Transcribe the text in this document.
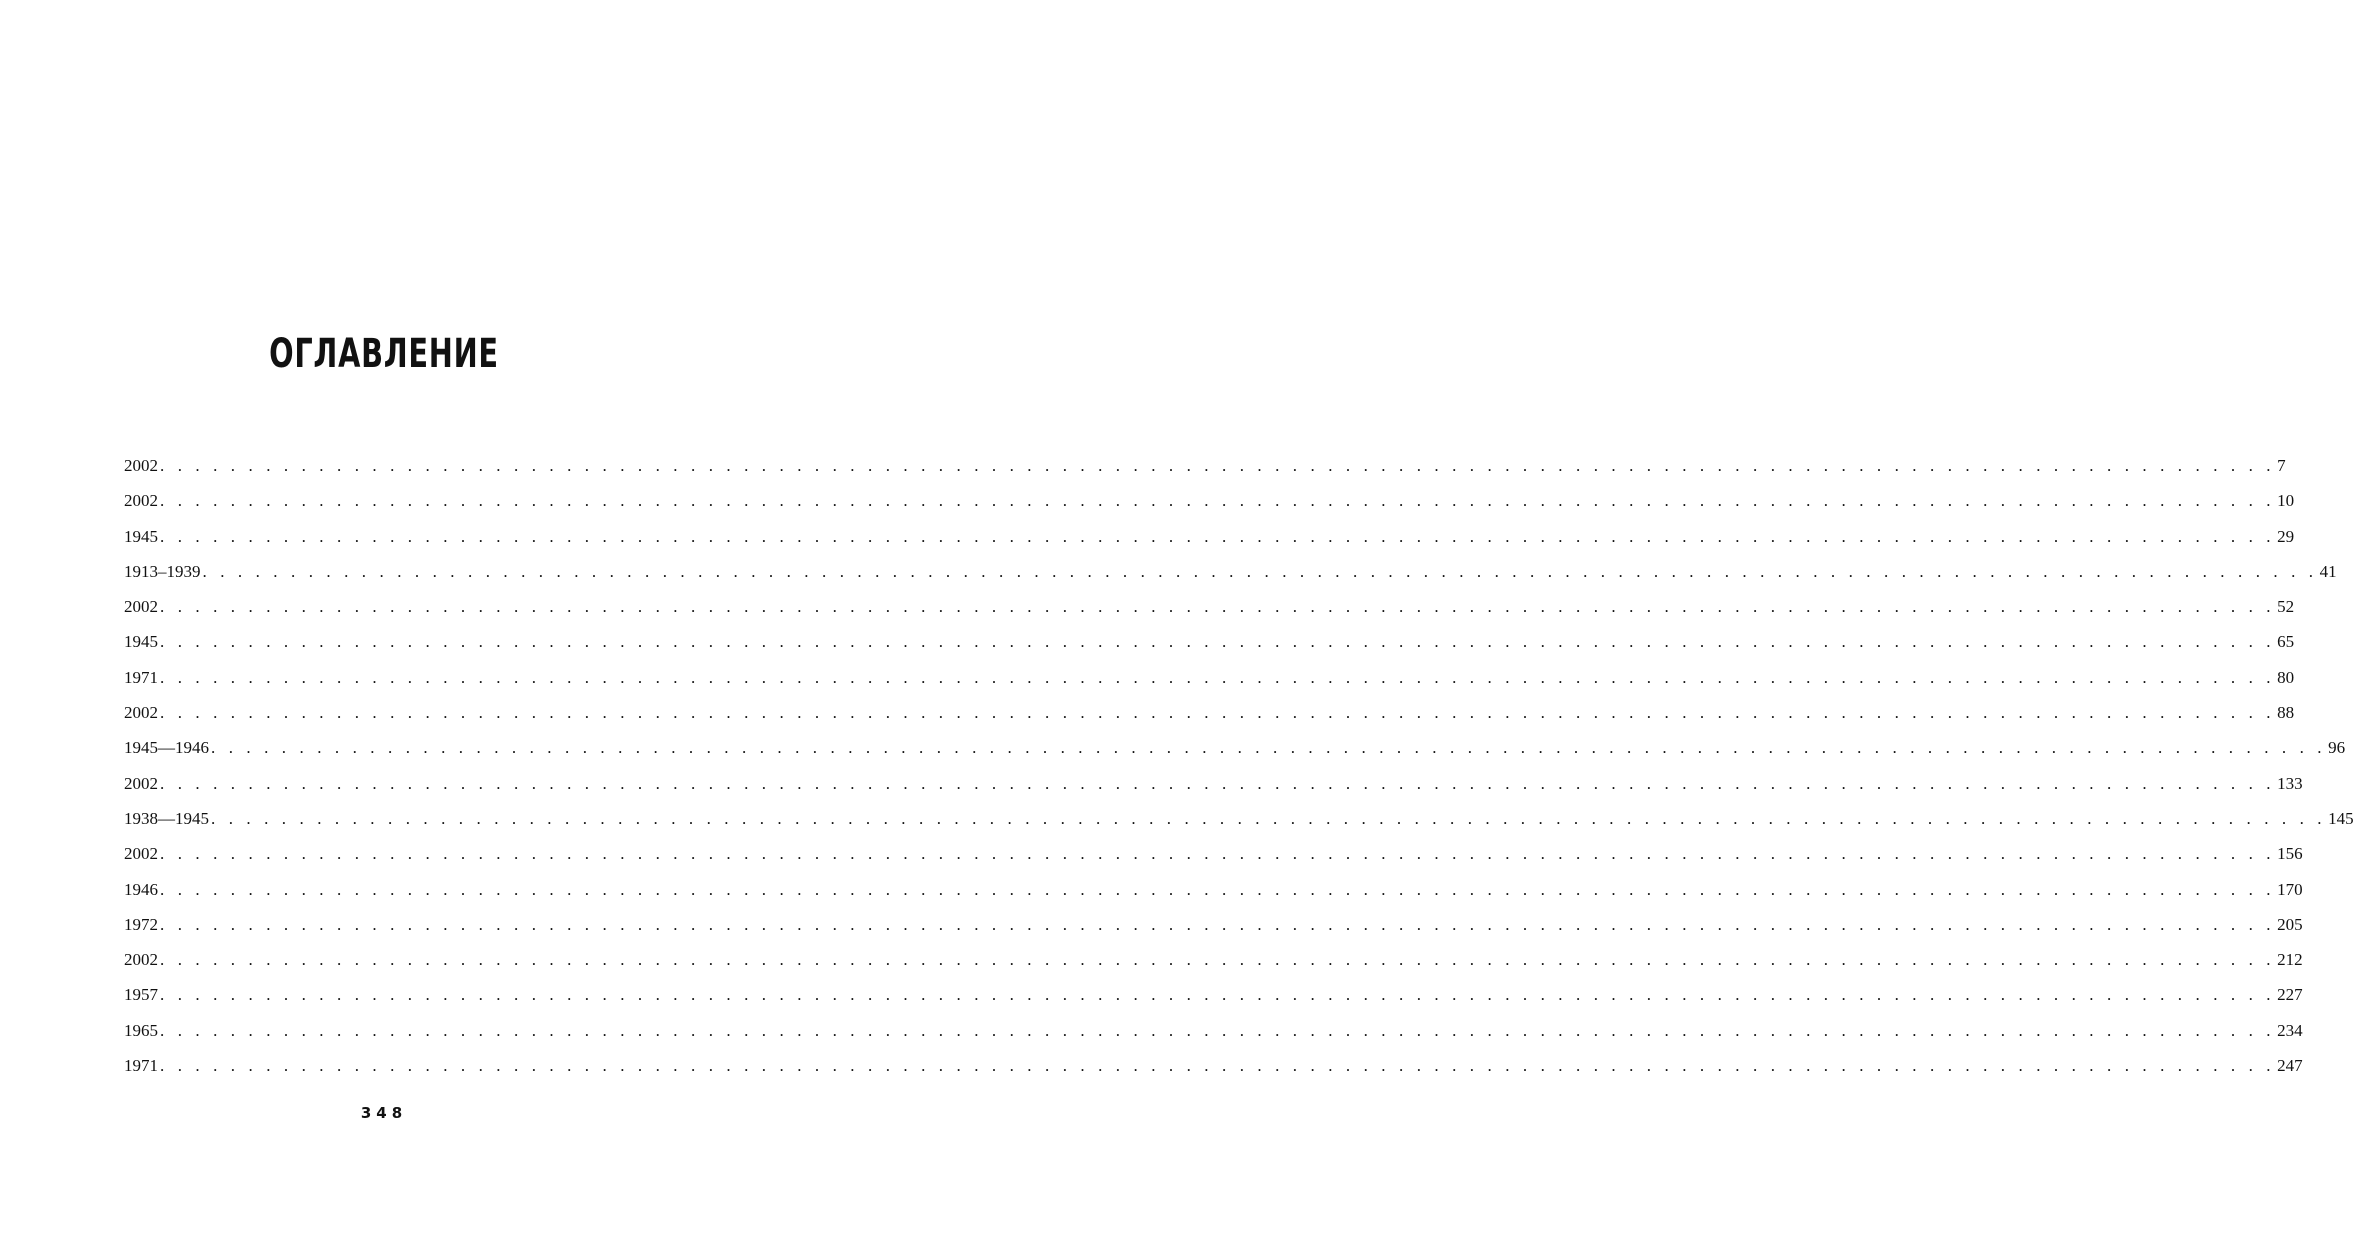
ОГЛАВЛЕНИЕ
2002 . . . . . . . . . . . . . . . . . . . . . . . . . . . . . . . . . . . . . . . . . . . . . . . . . . . . . . . . . . . . . . . . . . . . . . . . . . . . . . . . . . . . . . . . . . . . . . . . . . . . . . . . . . . . . . . . . . . . . . . . 7
2002 . . . . . . . . . . . . . . . . . . . . . . . . . . . . . . . . . . . . . . . . . . . . . . . . . . . . . . . . . . . . . . . . . . . . . . . . . . . . . . . . . . . . . . . . . . . . . . . . . . . . . . . . . . . . . . . . . . . . . . . . 10
1945 . . . . . . . . . . . . . . . . . . . . . . . . . . . . . . . . . . . . . . . . . . . . . . . . . . . . . . . . . . . . . . . . . . . . . . . . . . . . . . . . . . . . . . . . . . . . . . . . . . . . . . . . . . . . . . . . . . . . . . . . 29
1913–1939 . . . . . . . . . . . . . . . . . . . . . . . . . . . . . . . . . . . . . . . . . . . . . . . . . . . . . . . . . . . . . . . . . . . . . . . . . . . . . . . . . . . . . . . . . . . . . . . . . . . . . . . . . . . . . . . . . . . . . . . . 41
2002 . . . . . . . . . . . . . . . . . . . . . . . . . . . . . . . . . . . . . . . . . . . . . . . . . . . . . . . . . . . . . . . . . . . . . . . . . . . . . . . . . . . . . . . . . . . . . . . . . . . . . . . . . . . . . . . . . . . . . . . . 52
1945 . . . . . . . . . . . . . . . . . . . . . . . . . . . . . . . . . . . . . . . . . . . . . . . . . . . . . . . . . . . . . . . . . . . . . . . . . . . . . . . . . . . . . . . . . . . . . . . . . . . . . . . . . . . . . . . . . . . . . . . . 65
1971 . . . . . . . . . . . . . . . . . . . . . . . . . . . . . . . . . . . . . . . . . . . . . . . . . . . . . . . . . . . . . . . . . . . . . . . . . . . . . . . . . . . . . . . . . . . . . . . . . . . . . . . . . . . . . . . . . . . . . . . . 80
2002 . . . . . . . . . . . . . . . . . . . . . . . . . . . . . . . . . . . . . . . . . . . . . . . . . . . . . . . . . . . . . . . . . . . . . . . . . . . . . . . . . . . . . . . . . . . . . . . . . . . . . . . . . . . . . . . . . . . . . . . . 88
1945—1946 . . . . . . . . . . . . . . . . . . . . . . . . . . . . . . . . . . . . . . . . . . . . . . . . . . . . . . . . . . . . . . . . . . . . . . . . . . . . . . . . . . . . . . . . . . . . . . . . . . . . . . . . . . . . . . . . . . . . . . . . 96
2002 . . . . . . . . . . . . . . . . . . . . . . . . . . . . . . . . . . . . . . . . . . . . . . . . . . . . . . . . . . . . . . . . . . . . . . . . . . . . . . . . . . . . . . . . . . . . . . . . . . . . . . . . . . . . . . . . . . . . . . . . 133
1938—1945 . . . . . . . . . . . . . . . . . . . . . . . . . . . . . . . . . . . . . . . . . . . . . . . . . . . . . . . . . . . . . . . . . . . . . . . . . . . . . . . . . . . . . . . . . . . . . . . . . . . . . . . . . . . . . . . . . . . . . . . . 145
2002 . . . . . . . . . . . . . . . . . . . . . . . . . . . . . . . . . . . . . . . . . . . . . . . . . . . . . . . . . . . . . . . . . . . . . . . . . . . . . . . . . . . . . . . . . . . . . . . . . . . . . . . . . . . . . . . . . . . . . . . . 156
1946 . . . . . . . . . . . . . . . . . . . . . . . . . . . . . . . . . . . . . . . . . . . . . . . . . . . . . . . . . . . . . . . . . . . . . . . . . . . . . . . . . . . . . . . . . . . . . . . . . . . . . . . . . . . . . . . . . . . . . . . . 170
1972 . . . . . . . . . . . . . . . . . . . . . . . . . . . . . . . . . . . . . . . . . . . . . . . . . . . . . . . . . . . . . . . . . . . . . . . . . . . . . . . . . . . . . . . . . . . . . . . . . . . . . . . . . . . . . . . . . . . . . . . . 205
2002 . . . . . . . . . . . . . . . . . . . . . . . . . . . . . . . . . . . . . . . . . . . . . . . . . . . . . . . . . . . . . . . . . . . . . . . . . . . . . . . . . . . . . . . . . . . . . . . . . . . . . . . . . . . . . . . . . . . . . . . . 212
1957 . . . . . . . . . . . . . . . . . . . . . . . . . . . . . . . . . . . . . . . . . . . . . . . . . . . . . . . . . . . . . . . . . . . . . . . . . . . . . . . . . . . . . . . . . . . . . . . . . . . . . . . . . . . . . . . . . . . . . . . . 227
1965 . . . . . . . . . . . . . . . . . . . . . . . . . . . . . . . . . . . . . . . . . . . . . . . . . . . . . . . . . . . . . . . . . . . . . . . . . . . . . . . . . . . . . . . . . . . . . . . . . . . . . . . . . . . . . . . . . . . . . . . . 234
1971 . . . . . . . . . . . . . . . . . . . . . . . . . . . . . . . . . . . . . . . . . . . . . . . . . . . . . . . . . . . . . . . . . . . . . . . . . . . . . . . . . . . . . . . . . . . . . . . . . . . . . . . . . . . . . . . . . . . . . . . . 247
348
